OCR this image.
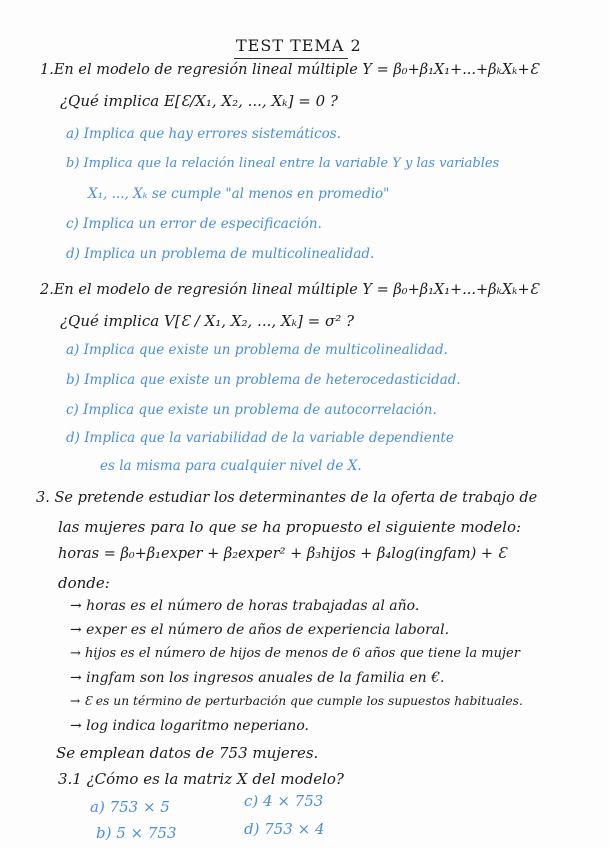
TEST TEMA 2
1.En el modelo de regresión lineal múltiple Y = β₀+β₁X₁+...+βₖXₖ+Ɛ
¿Qué implica E[Ɛ/X₁, X₂, ..., Xₖ] = 0 ?
a) Implica que hay errores sistemáticos.
b) Implica que la relación lineal entre la variable Y y las variables
X₁, ..., Xₖ se cumple "al menos en promedio"
c) Implica un error de especificación.
d) Implica un problema de multicolinealidad.
2.En el modelo de regresión lineal múltiple Y = β₀+β₁X₁+...+βₖXₖ+Ɛ
¿Qué implica V[Ɛ / X₁, X₂, ..., Xₖ] = σ² ?
a) Implica que existe un problema de multicolinealidad.
b) Implica que existe un problema de heterocedasticidad.
c) Implica que existe un problema de autocorrelación.
d) Implica que la variabilidad de la variable dependiente
es la misma para cualquier nivel de X.
3. Se pretende estudiar los determinantes de la oferta de trabajo de
las mujeres para lo que se ha propuesto el siguiente modelo:
horas = β₀+β₁exper + β₂exper² + β₃hijos + β₄log(ingfam) + Ɛ
donde:
→ horas es el número de horas trabajadas al año.
→ exper es el número de años de experiencia laboral.
→ hijos es el número de hijos de menos de 6 años que tiene la mujer
→ ingfam son los ingresos anuales de la familia en €.
→ Ɛ es un término de perturbación que cumple los supuestos habituales.
→ log indica logaritmo neperiano.
Se emplean datos de 753 mujeres.
3.1 ¿Cómo es la matriz X del modelo?
a) 753 × 5	c) 4 × 753
b) 5 × 753	d) 753 × 4
